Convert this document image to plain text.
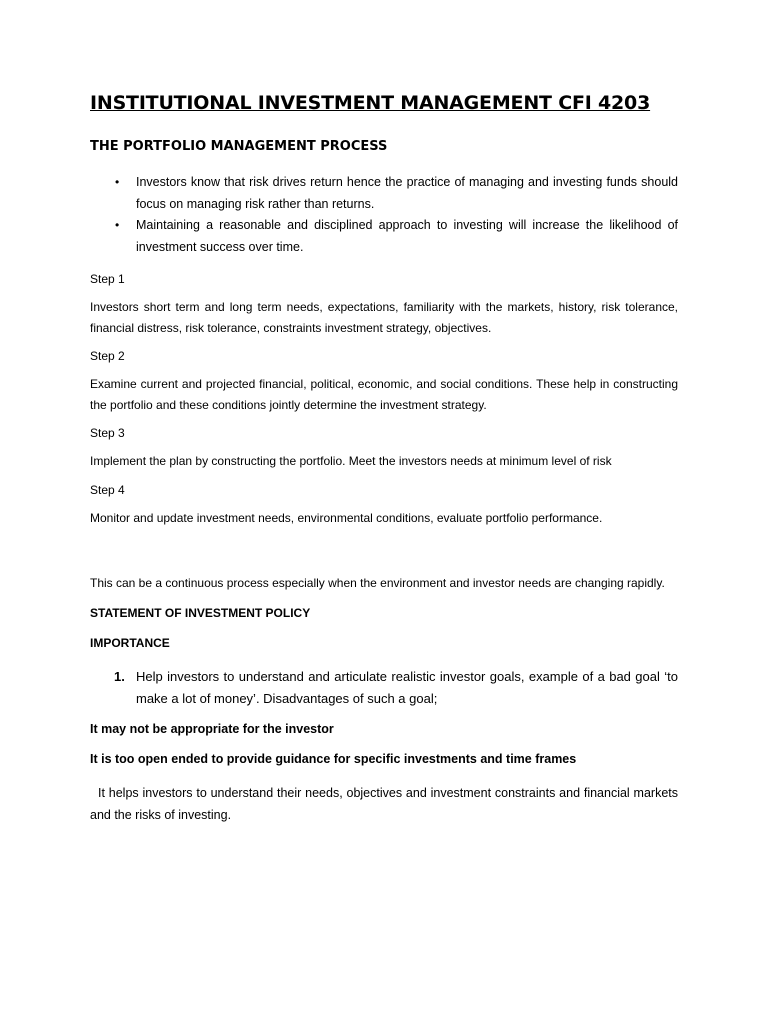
INSTITUTIONAL INVESTMENT MANAGEMENT CFI 4203
THE PORTFOLIO MANAGEMENT PROCESS
• Investors know that risk drives return hence the practice of managing and investing funds should focus on managing risk rather than returns.
• Maintaining a reasonable and disciplined approach to investing will increase the likelihood of investment success over time.
Step 1

Investors short term and long term needs, expectations, familiarity with the markets, history, risk tolerance, financial distress, risk tolerance, constraints investment strategy, objectives.

Step 2

Examine current and projected financial, political, economic, and social conditions. These help in constructing the portfolio and these conditions jointly determine the investment strategy.

Step 3

Implement the plan by constructing the portfolio. Meet the investors needs at minimum level of risk

Step 4

Monitor and update investment needs, environmental conditions, evaluate portfolio performance.

This can be a continuous process especially when the environment and investor needs are changing rapidly.

STATEMENT OF INVESTMENT POLICY
IMPORTANCE
1. Help investors to understand and articulate realistic investor goals, example of a bad goal ‘to make a lot of money’. Disadvantages of such a goal;
It may not be appropriate for the investor
It is too open ended to provide guidance for specific investments and time frames

It helps investors to understand their needs, objectives and investment constraints and financial markets and the risks of investing.
